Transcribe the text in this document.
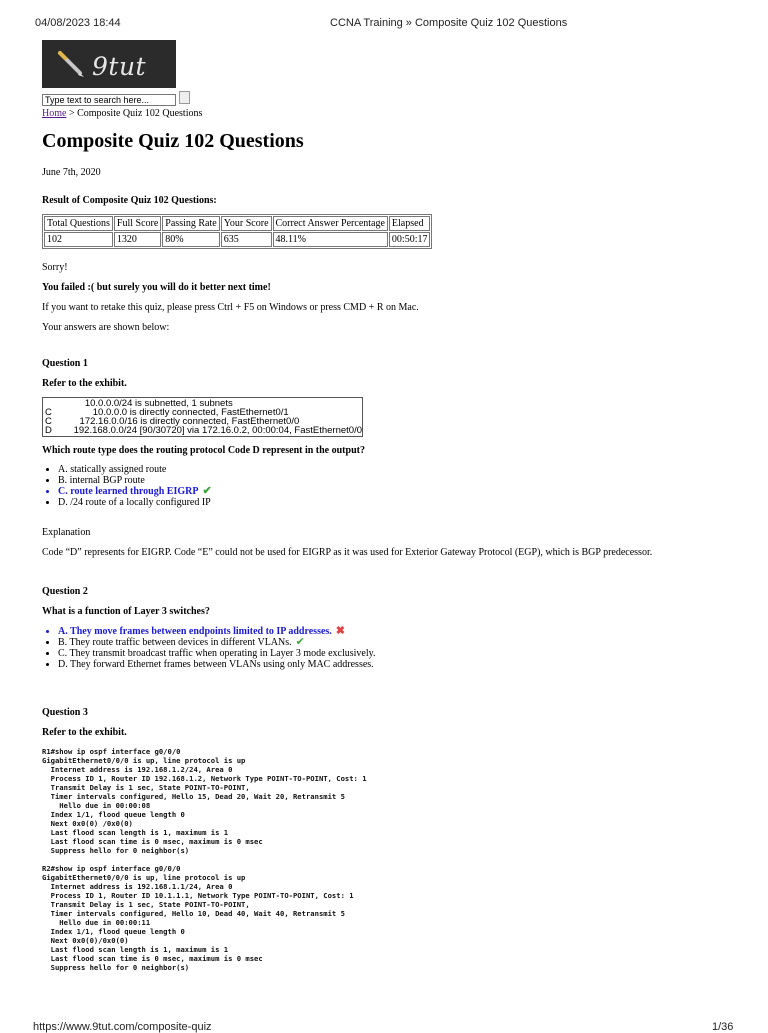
04/08/2023 18:44	CCNA Training » Composite Quiz 102 Questions
9tut
Type text to search here...
Home > Composite Quiz 102 Questions
Composite Quiz 102 Questions
June 7th, 2020
Result of Composite Quiz 102 Questions:
Total Questions	Full Score	Passing Rate	Your Score	Correct Answer Percentage	Elapsed
102	1320	80%	635	48.11%	00:50:17

Sorry!

You failed :( but surely you will do it better next time!

If you want to retake this quiz, please press Ctrl + F5 on Windows or press CMD + R on Mac.

Your answers are shown below:

Question 1

Refer to the exhibit.

10.0.0.0/24 is subnetted, 1 subnets
C	10.0.0.0 is directly connected, FastEthernet0/1
C	172.16.0.0/16 is directly connected, FastEthernet0/0
D	192.168.0.0/24 [90/30720] via 172.16.0.2, 00:00:04, FastEthernet0/0

Which route type does the routing protocol Code D represent in the output?

• A. statically assigned route
• B. internal BGP route
• C. route learned through EIGRP ✔
• D. /24 route of a locally configured IP

Explanation

Code “D” represents for EIGRP. Code “E” could not be used for EIGRP as it was used for Exterior Gateway Protocol (EGP), which is BGP predecessor.

Question 2

What is a function of Layer 3 switches?

• A. They move frames between endpoints limited to IP addresses. ✖
• B. They route traffic between devices in different VLANs. ✔
• C. They transmit broadcast traffic when operating in Layer 3 mode exclusively.
• D. They forward Ethernet frames between VLANs using only MAC addresses.

Question 3

Refer to the exhibit.

R1#show ip ospf interface g0/0/0
GigabitEthernet0/0/0 is up, line protocol is up
Internet address is 192.168.1.2/24, Area 0
Process ID 1, Router ID 192.168.1.2, Network Type POINT-TO-POINT, Cost: 1
Transmit Delay is 1 sec, State POINT-TO-POINT,
Timer intervals configured, Hello 15, Dead 20, Wait 20, Retransmit 5
Hello due in 00:00:08
Index 1/1, flood queue length 0
Next 0x0(0) /0x0(0)
Last flood scan length is 1, maximum is 1
Last flood scan time is 0 msec, maximum is 0 msec
Suppress hello for 0 neighbor(s)
R2#show ip ospf interface g0/0/0
GigabitEthernet0/0/0 is up, line protocol is up
Internet address is 192.168.1.1/24, Area 0
Process ID 1, Router ID 10.1.1.1, Network Type POINT-TO-POINT, Cost: 1
Transmit Delay is 1 sec, State POINT-TO-POINT,
Timer intervals configured, Hello 10, Dead 40, Wait 40, Retransmit 5
Hello due in 00:00:11
Index 1/1, flood queue length 0
Next 0x0(0)/0x0(0)
Last flood scan length is 1, maximum is 1
Last flood scan time is 0 msec, maximum is 0 msec
Suppress hello for 0 neighbor(s)
https://www.9tut.com/composite-quiz	1/36
